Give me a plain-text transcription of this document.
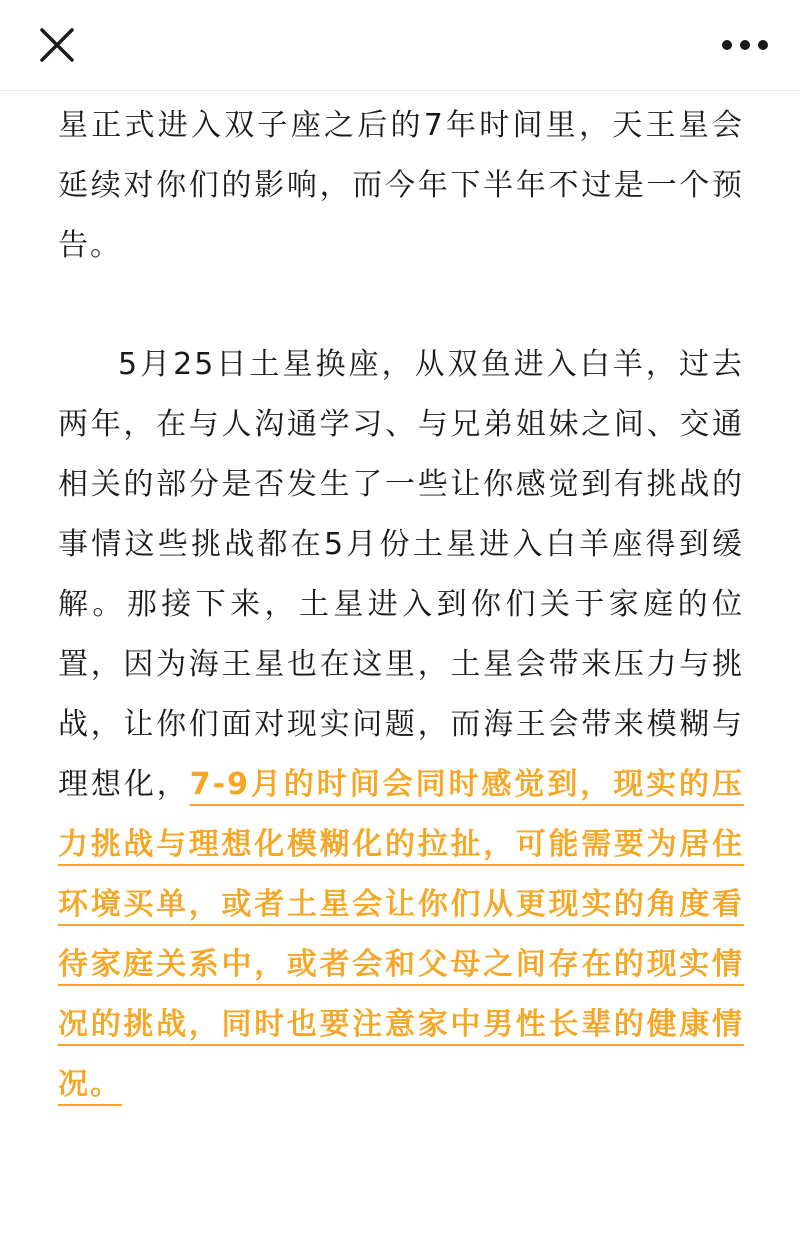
星正式进入双子座之后的7年时间里，天王星会延续对你们的影响，而今年下半年不过是一个预告。

5月25日土星换座，从双鱼进入白羊，过去两年，在与人沟通学习、与兄弟姐妹之间、交通相关的部分是否发生了一些让你感觉到有挑战的事情这些挑战都在5月份土星进入白羊座得到缓解。那接下来，土星进入到你们关于家庭的位置，因为海王星也在这里，土星会带来压力与挑战，让你们面对现实问题，而海王会带来模糊与理想化，7-9月的时间会同时感觉到，现实的压力挑战与理想化模糊化的拉扯，可能需要为居住环境买单，或者土星会让你们从更现实的角度看待家庭关系中，或者会和父母之间存在的现实情况的挑战，同时也要注意家中男性长辈的健康情况。
